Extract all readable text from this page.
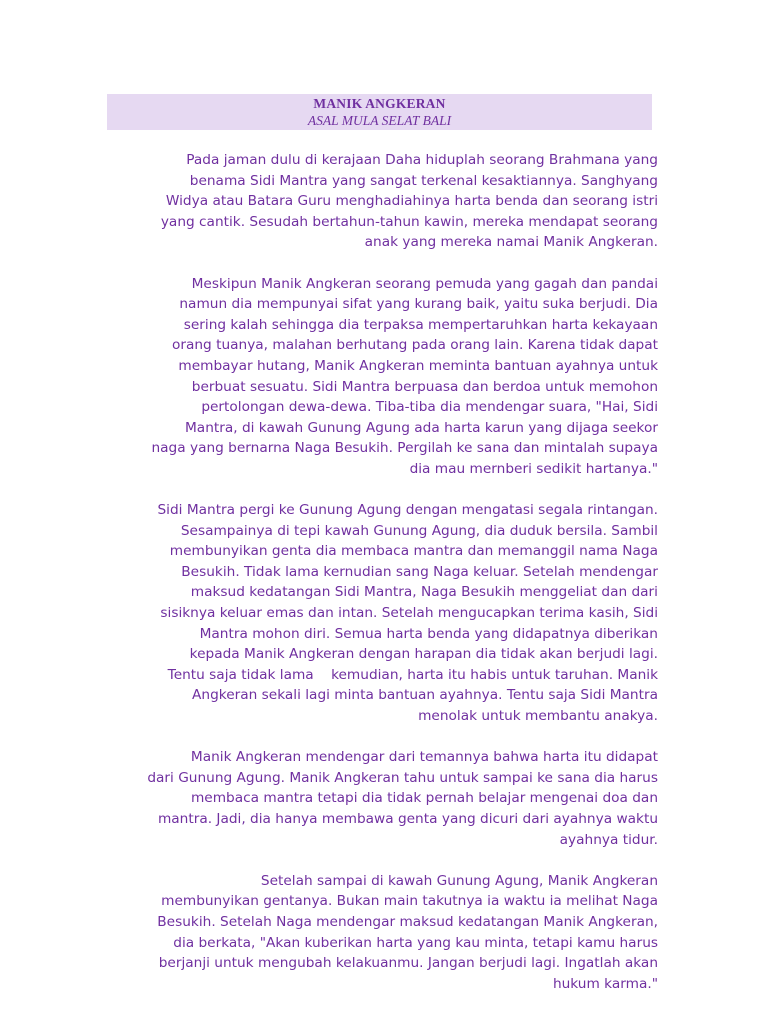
MANIK ANGKERAN
ASAL MULA SELAT BALI
Pada jaman dulu di kerajaan Daha hiduplah seorang Brahmana yang
benama Sidi Mantra yang sangat terkenal kesaktiannya. Sanghyang
Widya atau Batara Guru menghadiahinya harta benda dan seorang istri
yang cantik. Sesudah bertahun-tahun kawin, mereka mendapat seorang
anak yang mereka namai Manik Angkeran.
Meskipun Manik Angkeran seorang pemuda yang gagah dan pandai
namun dia mempunyai sifat yang kurang baik, yaitu suka berjudi. Dia
sering kalah sehingga dia terpaksa mempertaruhkan harta kekayaan
orang tuanya, malahan berhutang pada orang lain. Karena tidak dapat
membayar hutang, Manik Angkeran meminta bantuan ayahnya untuk
berbuat sesuatu. Sidi Mantra berpuasa dan berdoa untuk memohon
pertolongan dewa-dewa. Tiba-tiba dia mendengar suara, "Hai, Sidi
Mantra, di kawah Gunung Agung ada harta karun yang dijaga seekor
naga yang bernarna Naga Besukih. Pergilah ke sana dan mintalah supaya
dia mau mernberi sedikit hartanya."
Sidi Mantra pergi ke Gunung Agung dengan mengatasi segala rintangan.
Sesampainya di tepi kawah Gunung Agung, dia duduk bersila. Sambil
membunyikan genta dia membaca mantra dan memanggil nama Naga
Besukih. Tidak lama kernudian sang Naga keluar. Setelah mendengar
maksud kedatangan Sidi Mantra, Naga Besukih menggeliat dan dari
sisiknya keluar emas dan intan. Setelah mengucapkan terima kasih, Sidi
Mantra mohon diri. Semua harta benda yang didapatnya diberikan
kepada Manik Angkeran dengan harapan dia tidak akan berjudi lagi.
Tentu saja tidak lama    kemudian, harta itu habis untuk taruhan. Manik
Angkeran sekali lagi minta bantuan ayahnya. Tentu saja Sidi Mantra
menolak untuk membantu anakya.
Manik Angkeran mendengar dari temannya bahwa harta itu didapat
dari Gunung Agung. Manik Angkeran tahu untuk sampai ke sana dia harus
membaca mantra tetapi dia tidak pernah belajar mengenai doa dan
mantra. Jadi, dia hanya membawa genta yang dicuri dari ayahnya waktu
ayahnya tidur.
Setelah sampai di kawah Gunung Agung, Manik Angkeran
membunyikan gentanya. Bukan main takutnya ia waktu ia melihat Naga
Besukih. Setelah Naga mendengar maksud kedatangan Manik Angkeran,
dia berkata, "Akan kuberikan harta yang kau minta, tetapi kamu harus
berjanji untuk mengubah kelakuanmu. Jangan berjudi lagi. Ingatlah akan
hukum karma."
